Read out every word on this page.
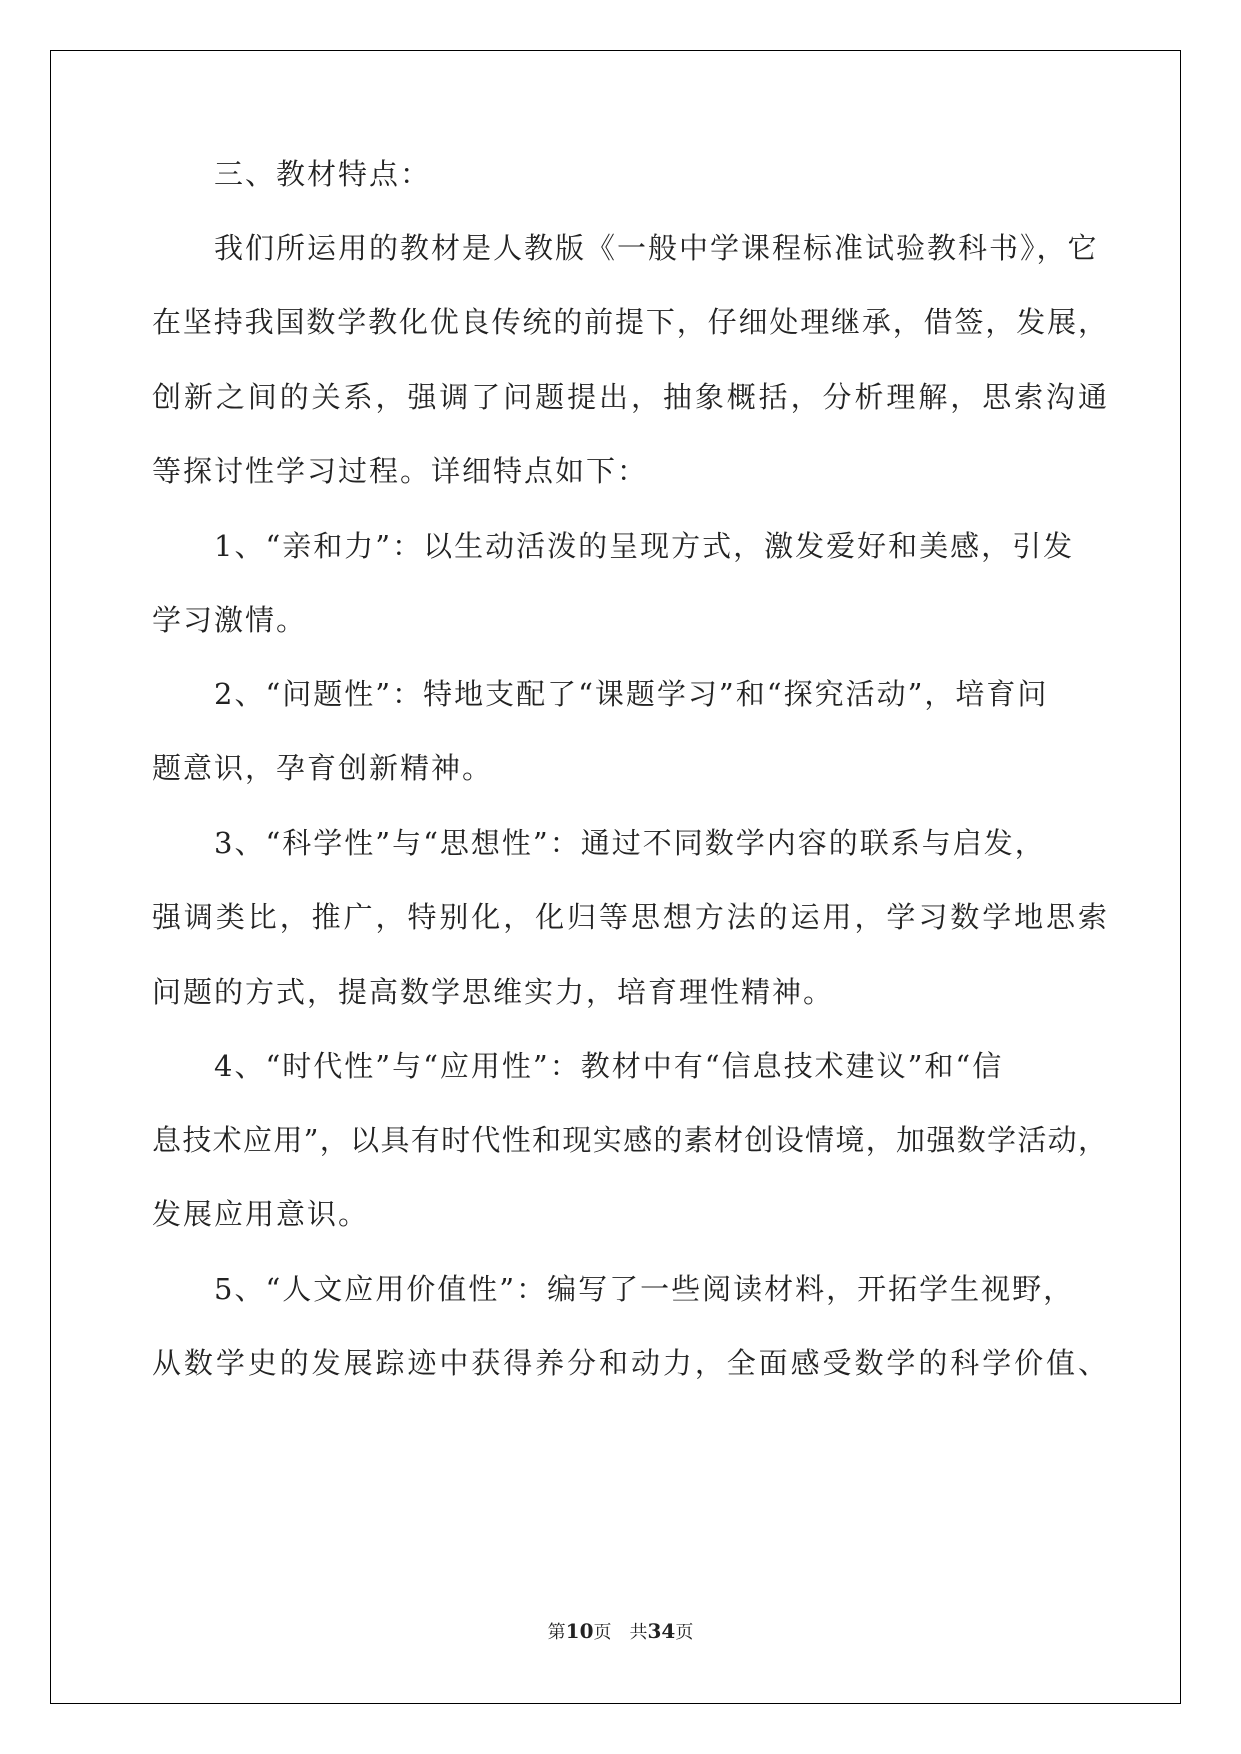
三、教材特点：
我们所运用的教材是人教版《一般中学课程标准试验教科书》，它
在坚持我国数学教化优良传统的前提下，仔细处理继承，借签，发展，
创新之间的关系，强调了问题提出，抽象概括，分析理解，思索沟通
等探讨性学习过程。详细特点如下：
1、“亲和力”：以生动活泼的呈现方式，激发爱好和美感，引发
学习激情。
2、“问题性”：特地支配了“课题学习”和“探究活动”，培育问
题意识，孕育创新精神。
3、“科学性”与“思想性”：通过不同数学内容的联系与启发，
强调类比，推广，特别化，化归等思想方法的运用，学习数学地思索
问题的方式，提高数学思维实力，培育理性精神。
4、“时代性”与“应用性”：教材中有“信息技术建议”和“信
息技术应用”，以具有时代性和现实感的素材创设情境，加强数学活动，
发展应用意识。
5、“人文应用价值性”：编写了一些阅读材料，开拓学生视野，
从数学史的发展踪迹中获得养分和动力，全面感受数学的科学价值、
第10页　共34页
